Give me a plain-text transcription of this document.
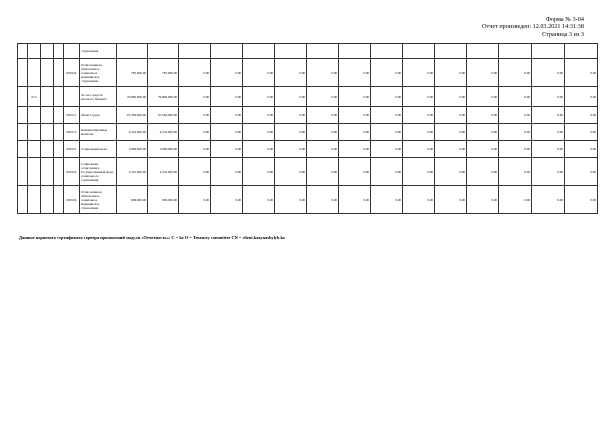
Форма № 3-04
Отчет произведен: 12.03.2021 14:31:38
Страница 3 из 3
					страхования															
				000124	Отчисления на обязательное социальное медицинское страхование	785,000.00	785,000.00	0.00	0.00	0.00	0.00	0.00	0.00	0.00	0.00	0.00	0.00	0.00	0.00	0.00
	015				За счет средств местного бюджета	79,860,000.00	79,860,000.00	0.00	0.00	0.00	0.00	0.00	0.00	0.00	0.00	0.00	0.00	0.00	0.00	0.00
				000111	Оплата труда	67,284,000.00	67,284,000.00	0.00	0.00	0.00	0.00	0.00	0.00	0.00	0.00	0.00	0.00	0.00	0.00	0.00
				000113	Компенсационные выплаты	4,319,000.00	4,319,000.00	0.00	0.00	0.00	0.00	0.00	0.00	0.00	0.00	0.00	0.00	0.00	0.00	0.00
				000121	Социальный налог	3,969,000.00	3,969,000.00	0.00	0.00	0.00	0.00	0.00	0.00	0.00	0.00	0.00	0.00	0.00	0.00	0.00
				000122	Социальные отчисления в Государственный фонд социального страхования	2,310,000.00	2,310,000.00	0.00	0.00	0.00	0.00	0.00	0.00	0.00	0.00	0.00	0.00	0.00	0.00	0.00
				000124	Отчисления на обязательное социальное медицинское страхование	999,000.00	999,000.00	0.00	0.00	0.00	0.00	0.00	0.00	0.00	0.00	0.00	0.00	0.00	0.00	0.00
Данные корневого сертификата сервера приложений модуля «Отчетность»: C = kz O = Treasury committee CN = client.kazynashylyk.kz
